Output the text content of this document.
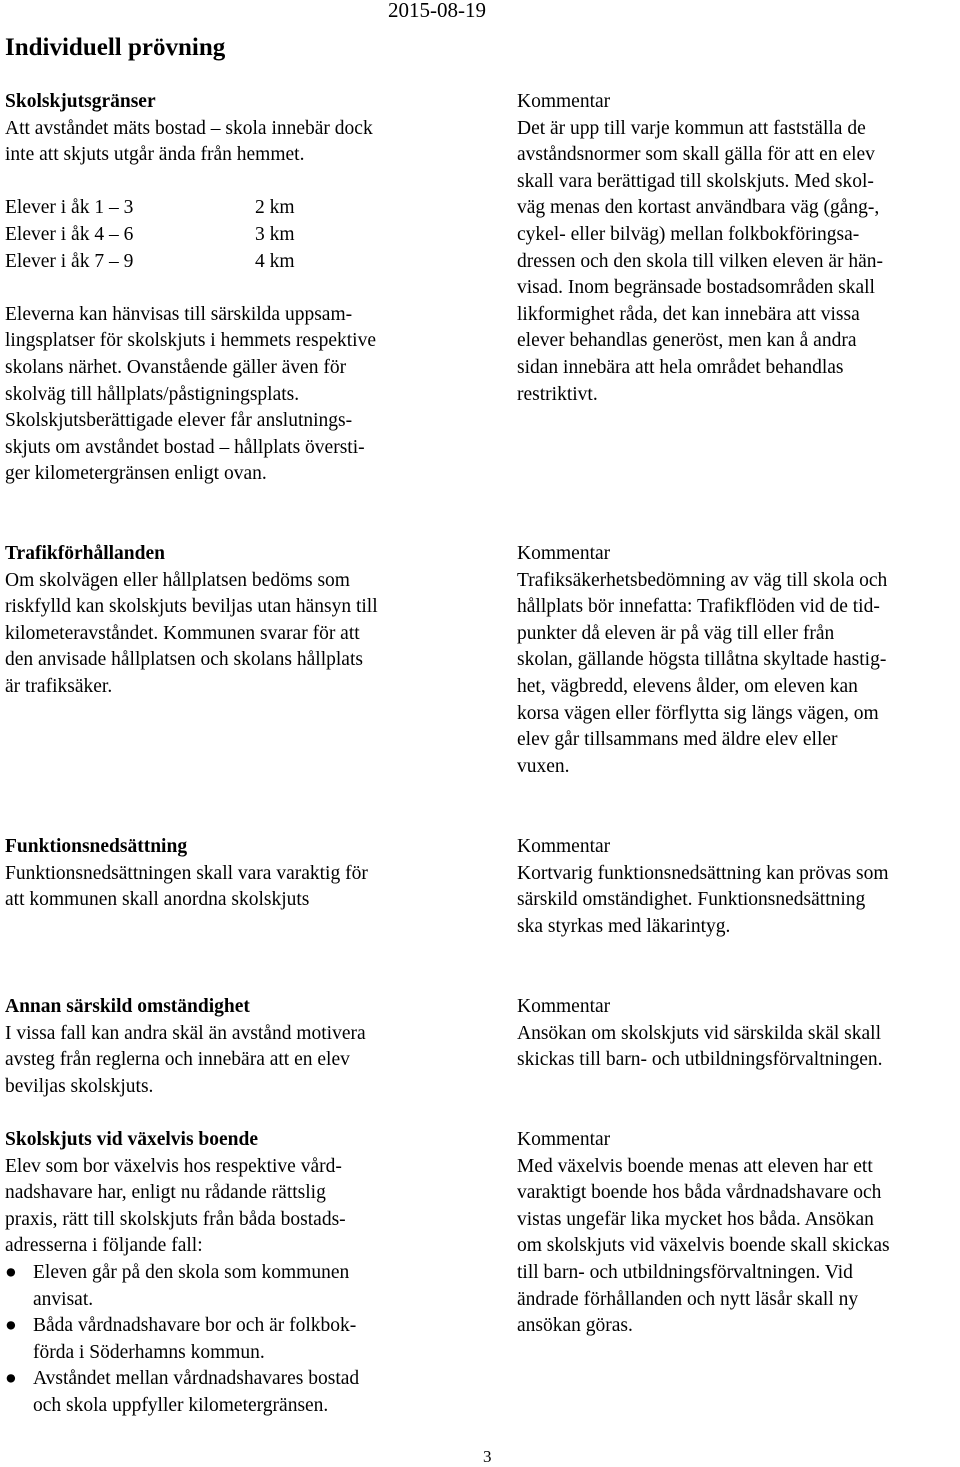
2015-08-19
Individuell prövning
Skolskjutsgränser
Att avståndet mäts bostad – skola innebär dock
inte att skjuts utgår ända från hemmet.
Elever i åk 1 – 3	2 km
Elever i åk 4 – 6	3 km
Elever i åk 7 – 9	4 km
Eleverna kan hänvisas till särskilda uppsam-
lingsplatser för skolskjuts i hemmets respektive
skolans närhet. Ovanstående gäller även för
skolväg till hållplats/påstigningsplats.
Skolskjutsberättigade elever får anslutnings-
skjuts om avståndet bostad – hållplats översti-
ger kilometergränsen enligt ovan.
Kommentar
Det är upp till varje kommun att fastställa de
avståndsnormer som skall gälla för att en elev
skall vara berättigad till skolskjuts. Med skol-
väg menas den kortast användbara väg (gång-,
cykel- eller bilväg) mellan folkbokföringsa-
dressen och den skola till vilken eleven är hän-
visad. Inom begränsade bostadsområden skall
likformighet råda, det kan innebära att vissa
elever behandlas generöst, men kan å andra
sidan innebära att hela området behandlas
restriktivt.
Trafikförhållanden
Om skolvägen eller hållplatsen bedöms som
riskfylld kan skolskjuts beviljas utan hänsyn till
kilometeravståndet. Kommunen svarar för att
den anvisade hållplatsen och skolans hållplats
är trafiksäker.
Kommentar
Trafiksäkerhetsbedömning av väg till skola och
hållplats bör innefatta: Trafikflöden vid de tid-
punkter då eleven är på väg till eller från
skolan, gällande högsta tillåtna skyltade hastig-
het, vägbredd, elevens ålder, om eleven kan
korsa vägen eller förflytta sig längs vägen, om
elev går tillsammans med äldre elev eller
vuxen.
Funktionsnedsättning
Funktionsnedsättningen skall vara varaktig för
att kommunen skall anordna skolskjuts
Kommentar
Kortvarig funktionsnedsättning kan prövas som
särskild omständighet. Funktionsnedsättning
ska styrkas med läkarintyg.
Annan särskild omständighet
I vissa fall kan andra skäl än avstånd motivera
avsteg från reglerna och innebära att en elev
beviljas skolskjuts.
Skolskjuts vid växelvis boende
Elev som bor växelvis hos respektive vård-
nadshavare har, enligt nu rådande rättslig
praxis, rätt till skolskjuts från båda bostads-
adresserna i följande fall:
● Eleven går på den skola som kommunen
anvisat.
● Båda vårdnadshavare bor och är folkbok-
förda i Söderhamns kommun.
● Avståndet mellan vårdnadshavares bostad
och skola uppfyller kilometergränsen.
Kommentar
Ansökan om skolskjuts vid särskilda skäl skall
skickas till barn- och utbildningsförvaltningen.
Kommentar
Med växelvis boende menas att eleven har ett
varaktigt boende hos båda vårdnadshavare och
vistas ungefär lika mycket hos båda. Ansökan
om skolskjuts vid växelvis boende skall skickas
till barn- och utbildningsförvaltningen. Vid
ändrade förhållanden och nytt läsår skall ny
ansökan göras.
3
